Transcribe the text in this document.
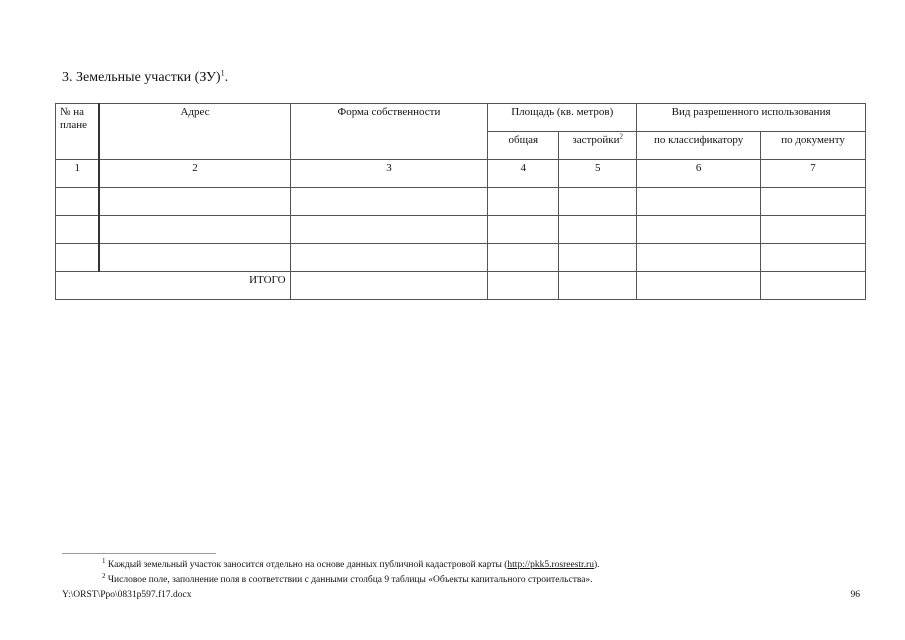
3. Земельные участки (ЗУ)$^1$.
№ на плане	Адрес	Форма собственности	Площадь (кв. метров)		Вид разрешенного использования	
			общая	застройки$^2$	по классификатору	по документу
1	2	3	4	5	6	7

ИТОГО						
$^1$ Каждый земельный участок заносится отдельно на основе данных публичной кадастровой карты (http://pkk5.rosreestr.ru).
$^2$ Числовое поле, заполнение поля в соответствии с данными столбца 9 таблицы «Объекты капитального строительства».
Y:\ORST\Ppo\0831p597.f17.docx	96
